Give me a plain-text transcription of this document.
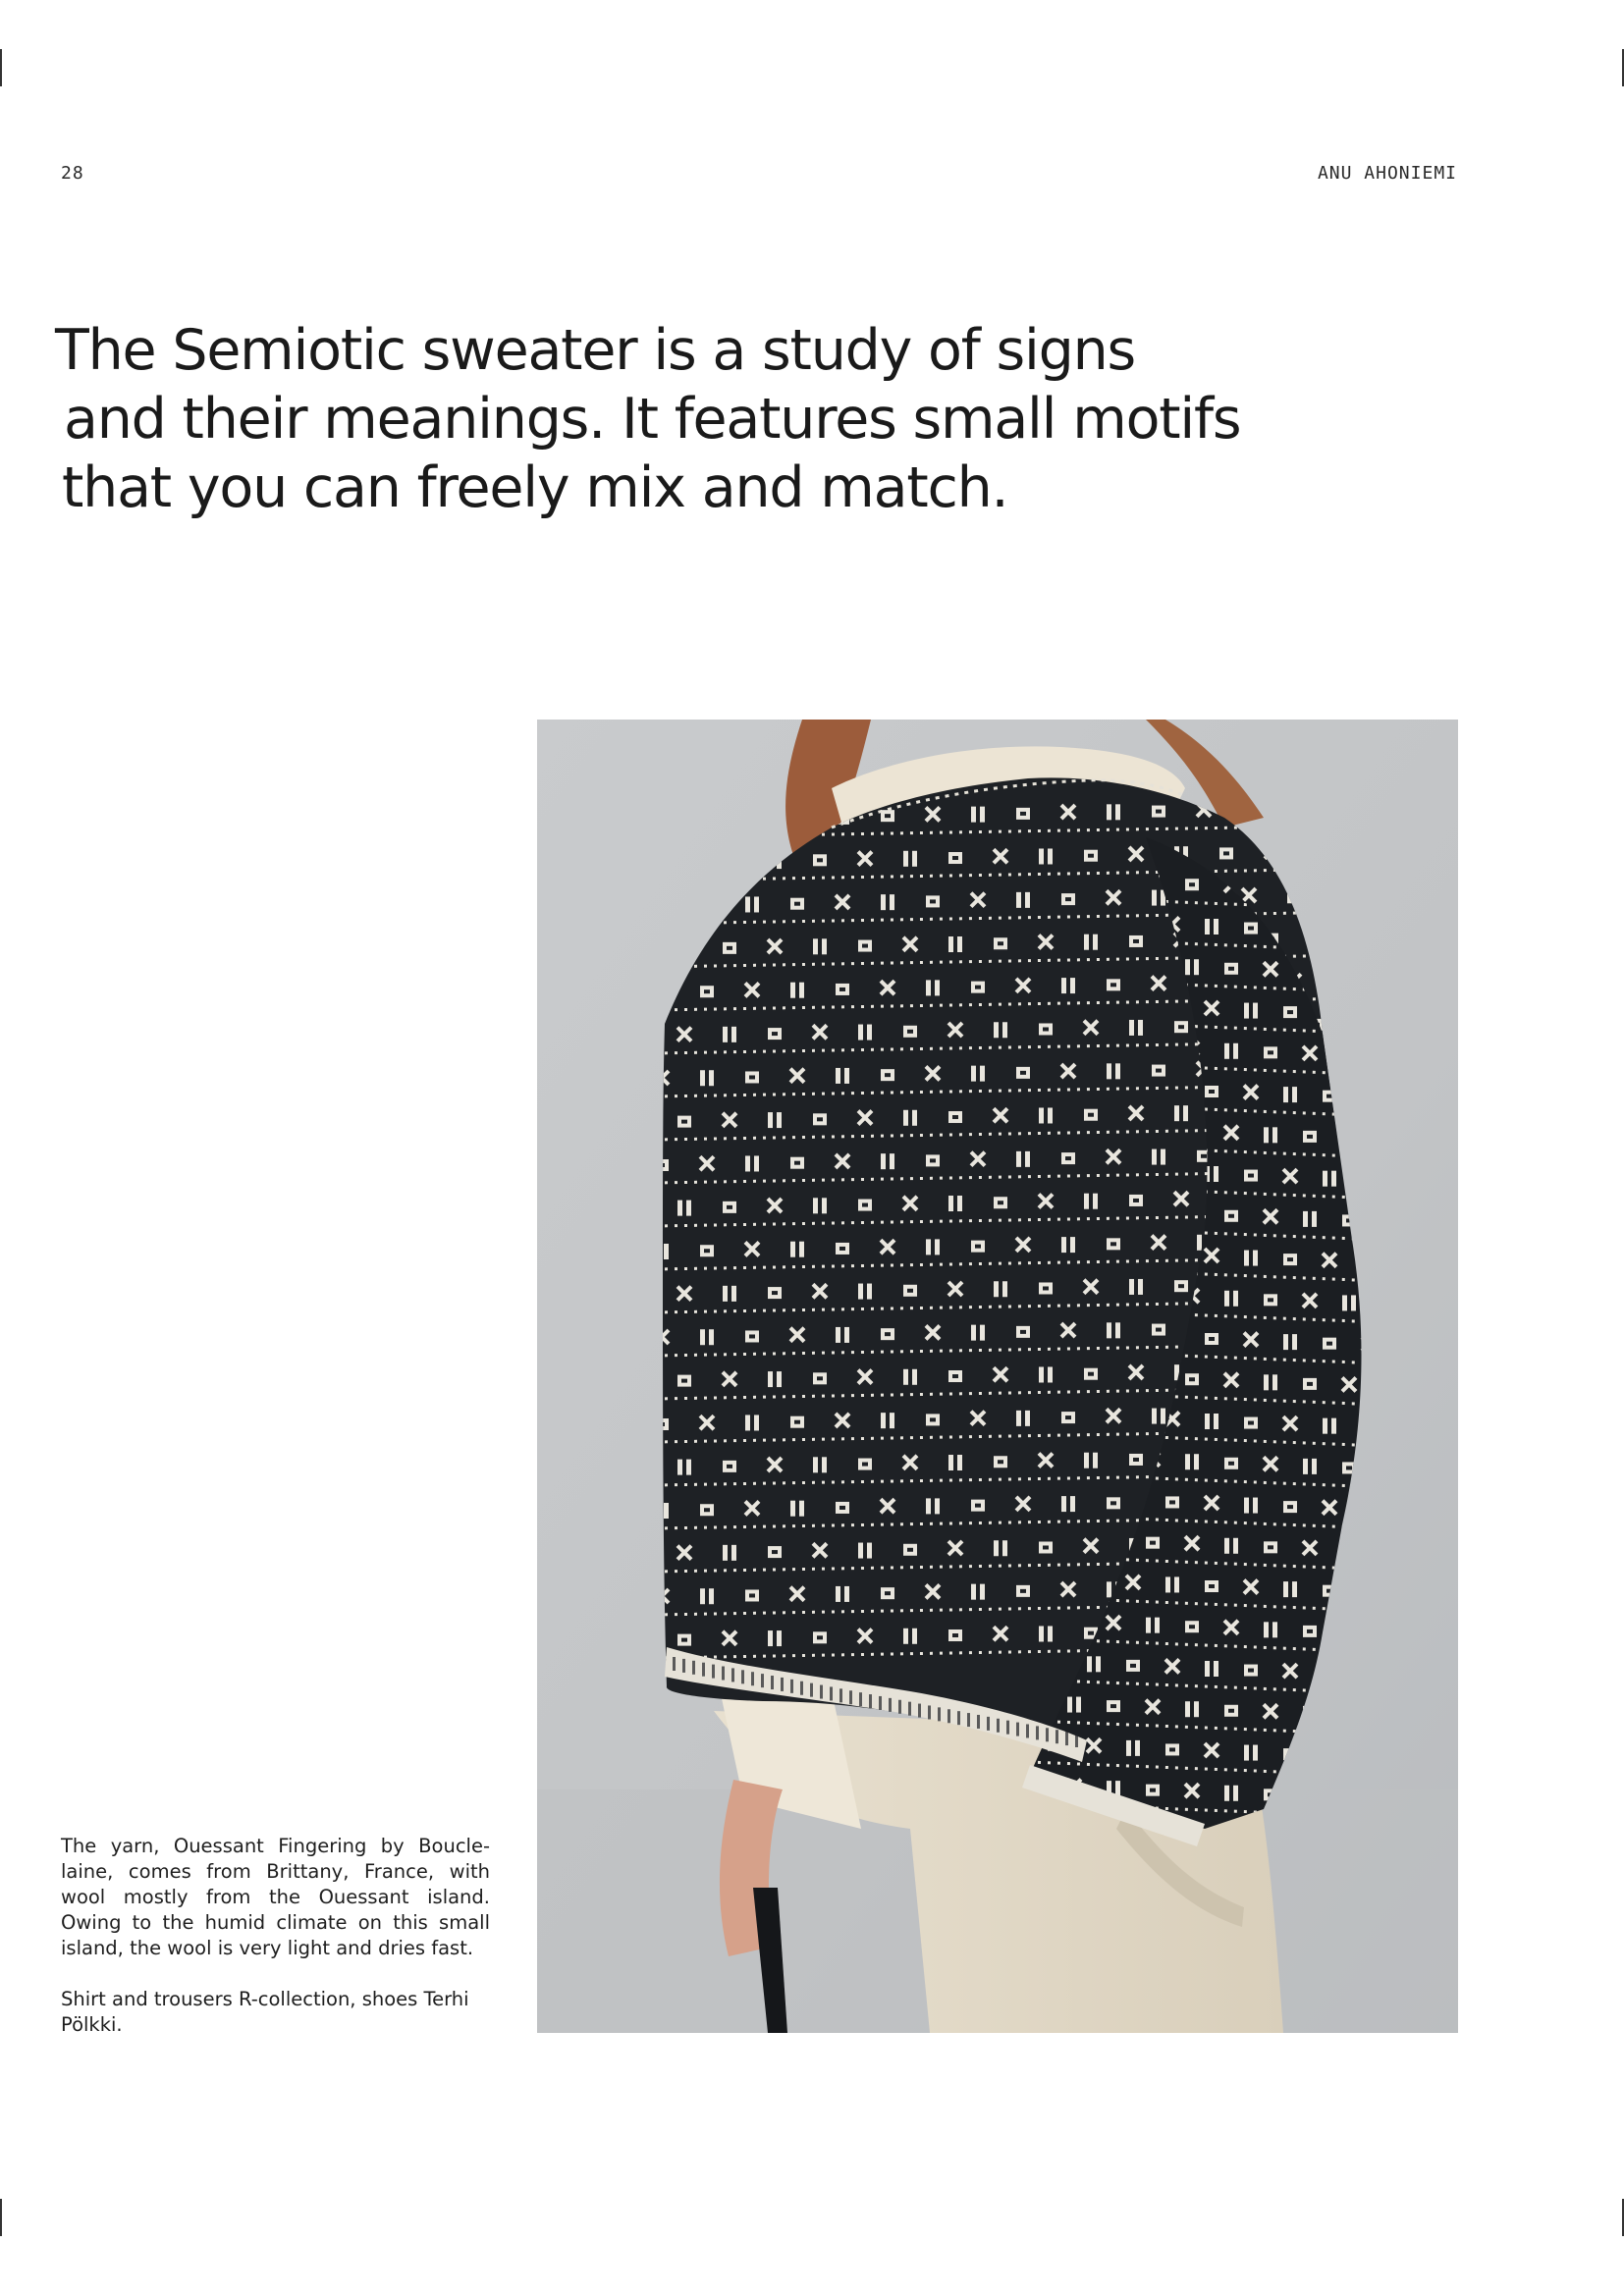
28	ANU AHONIEMI
The Semiotic sweater is a study of signs
and their meanings. It features small motifs
that you can freely mix and match.

The yarn, Ouessant Fingering by Boucle-laine, comes from Brittany, France, with wool mostly from the Ouessant island. Owing to the humid climate on this small island, the wool is very light and dries fast.

Shirt and trousers R-collection, shoes Terhi Pölkki.
